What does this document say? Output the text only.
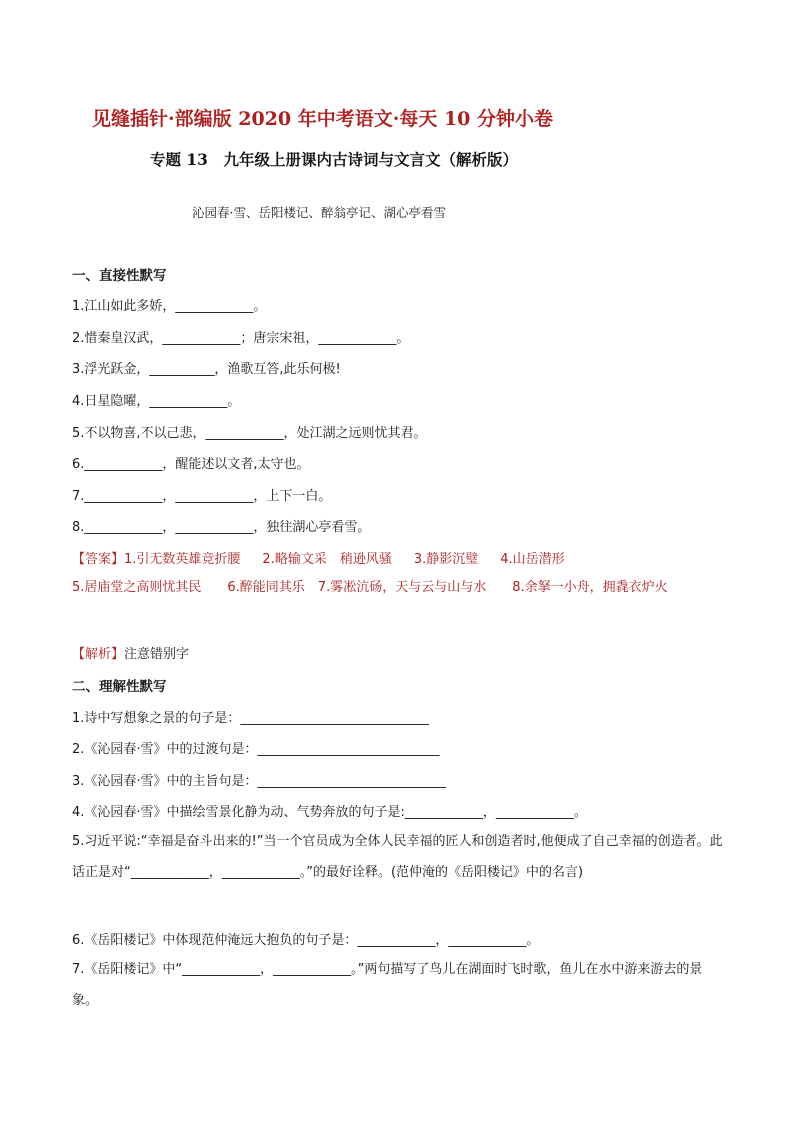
见缝插针·部编版 2020 年中考语文·每天 10 分钟小卷
专题 13　九年级上册课内古诗词与文言文（解析版）
沁园春·雪、岳阳楼记、醉翁亭记、湖心亭看雪
一、直接性默写
1.江山如此多娇，____________。
2.惜秦皇汉武，____________；唐宗宋祖，____________。
3.浮光跃金，__________，渔歌互答,此乐何极!
4.日星隐曜，____________。
5.不以物喜,不以己悲，____________，处江湖之远则忧其君。
6.____________，醒能述以文者,太守也。
7.____________，____________，上下一白。
8.____________，____________，独往湖心亭看雪。
【答案】1.引无数英雄竞折腰 2.略输文采　稍逊风骚 3.静影沉璧 4.山岳潜形
5.居庙堂之高则忧其民　　6.醉能同其乐　7.雾凇沆砀，天与云与山与水　　8.余拏一小舟，拥毳衣炉火
【解析】注意错别字
二、理解性默写
1.诗中写想象之景的句子是：_____________________________
2.《沁园春·雪》中的过渡句是：____________________________
3.《沁园春·雪》中的主旨句是：_____________________________
4.《沁园春·雪》中描绘雪景化静为动、气势奔放的句子是:____________，____________。
5.习近平说:“幸福是奋斗出来的!”当一个官员成为全体人民幸福的匠人和创造者时,他便成了自己幸福的创造者。此话正是对“____________，____________。”的最好诠释。(范仲淹的《岳阳楼记》中的名言)
6.《岳阳楼记》中体现范仲淹远大抱负的句子是：____________，____________。
7.《岳阳楼记》中“____________，____________。”两句描写了鸟儿在湖面时飞时歌，鱼儿在水中游来游去的景象。
